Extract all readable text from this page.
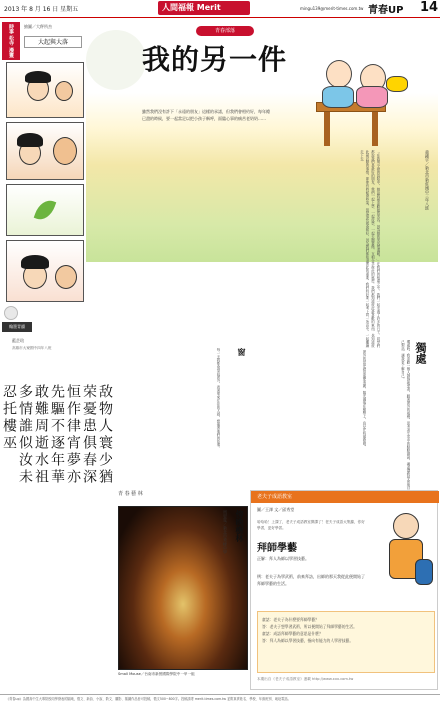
2013 年 8 月 16 日 星期五	人間福報 Merit	mingu139@merit-times.com.tw 青春UP 14
時事 松寺 漫畫	繪圖／大秤所杰
大起與大落
青春部落
我的另一件
雖然我們沒有許下「永遠的朋友」這樣的承諾，但我們會相約好，每年總已盡的時候，要一起當足以把小孩子稱呼，面臨心事的痛苦老奶奶……
童鍾宇／新北市新莊國中三年八班
「在我與小豬的談起中，她說我最喜歡她的笑容，因為她的笑容很溫暖。」在我們的相處之中，我們一起走過了許多的日子。同學們都說我們是最好的朋友，我們一起上學、一起放學，一起去圖書館，互相分享彼此的秘密。我們都知道彼此最喜歡的東西，也知道彼此最討厭的事情。即使有時候會吵架，但是很快就會和好，因為我們都知道彼此的重要。我們約好要一起考上同一所高中，一起繼續走下去。
獨處
獨處時，我喜歡一個人靜靜地坐著，聽著窗外的風聲，思考著生活中的點點滴滴。獨處讓我學會與自己對話，讓我更了解自己。
窗	窗外的世界總是那麼美麗，陽光灑落在樹梢上，鳥兒在枝頭歌唱。
每一天我都會望向窗外，看著來來往往的人群，想像著他們的故事。
翰墨青韻
藍芷瑄
高雄市大寮國中四年八班
敌物人寰少猶
荣憂患俱春深
恒作律宵夢亦
先驅不逐年華
敢難周逝水祖
多情誰似汝未
忍托樓巫
青 春 藝 林
傍晚樹林
周晏霆／新北市秀峰中學
Small Mouse／台南市新營國際學院中一甲一組
老夫子成語教室
圖／王澤 文／邱秀堂
哈哈哈！上課了，老夫子成語教室開課了！老夫子成語大集錦，你好學習，更好學習。
拜師學藝
正解：拜人為師以學習技藝。
例：老夫子為學武術，前來拜訪，出師的那天我從此便開始了拜師學藝的生活。
童話：老夫子為什麼要拜師學藝？
答：老夫子想學習武術，所以便開始了拜師學藝的生活。
童話：成語拜師學藝的意思是什麼？
答：拜人為師以學習技藝，指向有能力的人學習技藝。
本期出自《老夫子成語教室》連載 http://www.xxx.com.tw
《青春up》為國高中生大專院校同學發表的園地，徵文、新詩、小說、散文、攝影、插圖作品皆可投稿，徵文500~800字。投稿請寄 merit-times.com.tw 並附真實姓名、學校、年級班別、地址電話。
